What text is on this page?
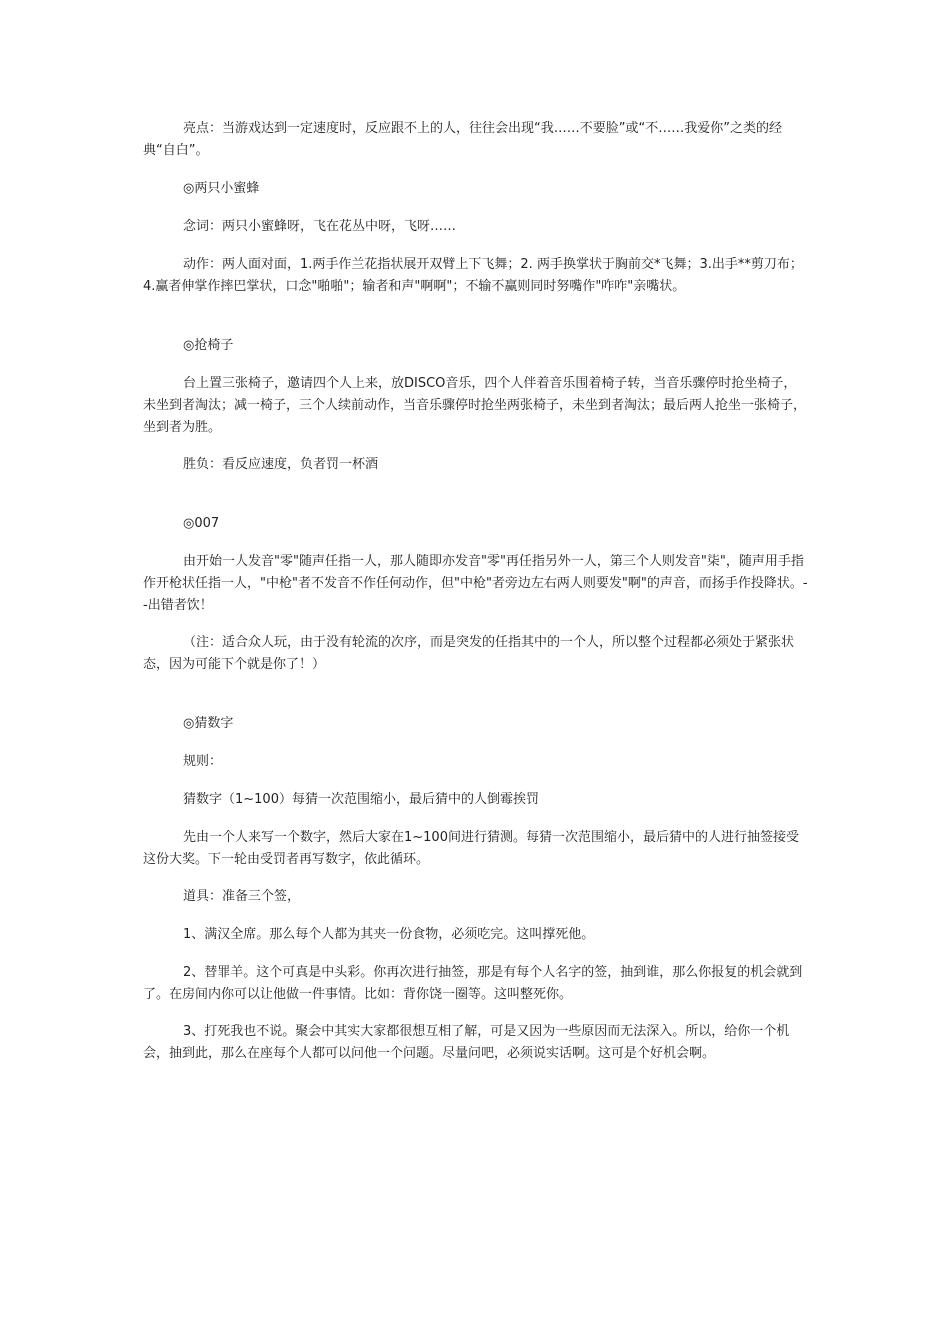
亮点：当游戏达到一定速度时，反应跟不上的人，往往会出现“我……不要脸”或“不……我爱你”之类的经典“自白”。

◎两只小蜜蜂

念词：两只小蜜蜂呀，飞在花丛中呀，飞呀……

动作：两人面对面，1.两手作兰花指状展开双臂上下飞舞；2. 两手换掌状于胸前交*飞舞；3.出手**剪刀布；4.赢者伸掌作摔巴掌状，口念"啪啪"；输者和声"啊啊"；不输不赢则同时努嘴作"咋咋"亲嘴状。

◎抢椅子

台上置三张椅子，邀请四个人上来，放DISCO音乐，四个人伴着音乐围着椅子转，当音乐骤停时抢坐椅子，未坐到者淘汰；减一椅子，三个人续前动作，当音乐骤停时抢坐两张椅子，未坐到者淘汰；最后两人抢坐一张椅子，坐到者为胜。

胜负：看反应速度，负者罚一杯酒

◎007

由开始一人发音"零"随声任指一人，那人随即亦发音"零"再任指另外一人，第三个人则发音"柒"，随声用手指作开枪状任指一人，"中枪"者不发音不作任何动作，但"中枪"者旁边左右两人则要发"啊"的声音，而扬手作投降状。--出错者饮！

（注：适合众人玩，由于没有轮流的次序，而是突发的任指其中的一个人，所以整个过程都必须处于紧张状态，因为可能下个就是你了！）

◎猜数字

规则：

猜数字（1~100）每猜一次范围缩小，最后猜中的人倒霉挨罚

先由一个人来写一个数字，然后大家在1~100间进行猜测。每猜一次范围缩小，最后猜中的人进行抽签接受这份大奖。下一轮由受罚者再写数字，依此循环。

道具：准备三个签，

1、满汉全席。那么每个人都为其夹一份食物，必须吃完。这叫撑死他。

2、替罪羊。这个可真是中头彩。你再次进行抽签，那是有每个人名字的签，抽到谁，那么你报复的机会就到了。在房间内你可以让他做一件事情。比如：背你饶一圈等。这叫整死你。

3、打死我也不说。聚会中其实大家都很想互相了解，可是又因为一些原因而无法深入。所以，给你一个机会，抽到此，那么在座每个人都可以问他一个问题。尽量问吧，必须说实话啊。这可是个好机会啊。
